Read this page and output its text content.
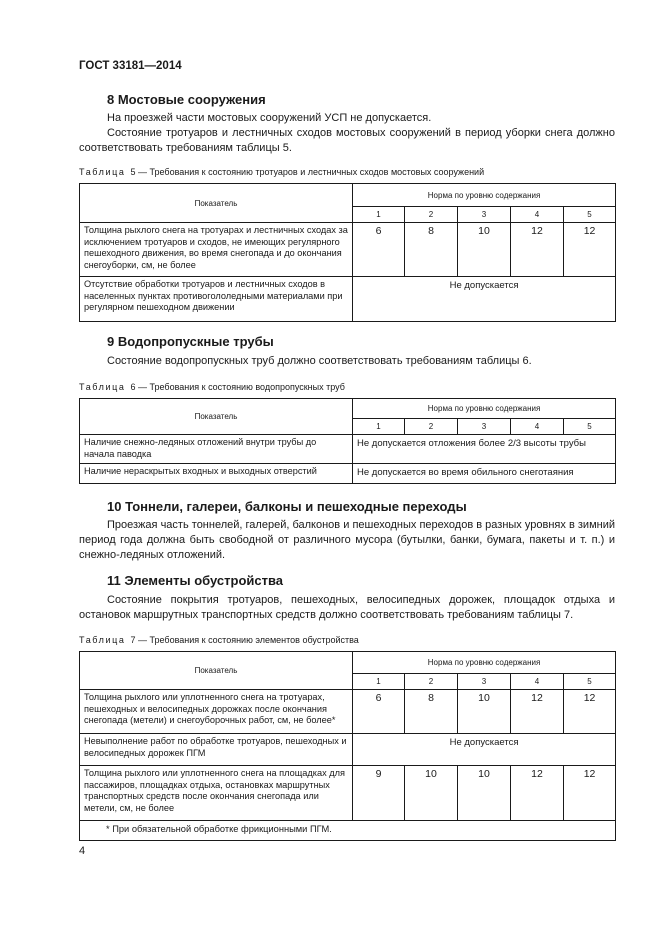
ГОСТ 33181—2014
8 Мостовые сооружения
На проезжей части мостовых сооружений УСП не допускается.
Состояние тротуаров и лестничных сходов мостовых сооружений в период уборки снега должно соответствовать требованиям таблицы 5.
Таблица 5 — Требования к состоянию тротуаров и лестничных сходов мостовых сооружений
Показатель	Норма по уровню содержания				
	1	2	3	4	5
Толщина рыхлого снега на тротуарах и лестничных сходах за исключением тротуаров и сходов, не имеющих регулярного пешеходного движения, во время снегопада и до окончания снегоуборки, см, не более	6	8	10	12	12
Отсутствие обработки тротуаров и лестничных сходов в населенных пунктах противогололедными материалами при регулярном пешеходном движении	Не допускается				
9 Водопропускные трубы
Состояние водопропускных труб должно соответствовать требованиям таблицы 6.
Таблица 6 — Требования к состоянию водопропускных труб
Показатель	Норма по уровню содержания				
	1	2	3	4	5
Наличие снежно-ледяных отложений внутри трубы до начала паводка	Не допускается отложения более 2/3 высоты трубы				
Наличие нераскрытых входных и выходных отверстий	Не допускается во время обильного снеготаяния				
10 Тоннели, галереи, балконы и пешеходные переходы
Проезжая часть тоннелей, галерей, балконов и пешеходных переходов в разных уровнях в зимний период года должна быть свободной от различного мусора (бутылки, банки, бумага, пакеты и т. п.) и снежно-ледяных отложений.
11 Элементы обустройства
Состояние покрытия тротуаров, пешеходных, велосипедных дорожек, площадок отдыха и остановок маршрутных транспортных средств должно соответствовать требованиям таблицы 7.
Таблица 7 — Требования к состоянию элементов обустройства
Показатель	Норма по уровню содержания				
	1	2	3	4	5
Толщина рыхлого или уплотненного снега на тротуарах, пешеходных и велосипедных дорожках после окончания снегопада (метели) и снегоуборочных работ, см, не более*	6	8	10	12	12
Невыполнение работ по обработке тротуаров, пешеходных и велосипедных дорожек ПГМ	Не допускается				
Толщина рыхлого или уплотненного снега на площадках для пассажиров, площадках отдыха, остановках маршрутных транспортных средств после окончания снегопада или метели, см, не более	9	10	10	12	12
* При обязательной обработке фрикционными ПГМ.					
4
